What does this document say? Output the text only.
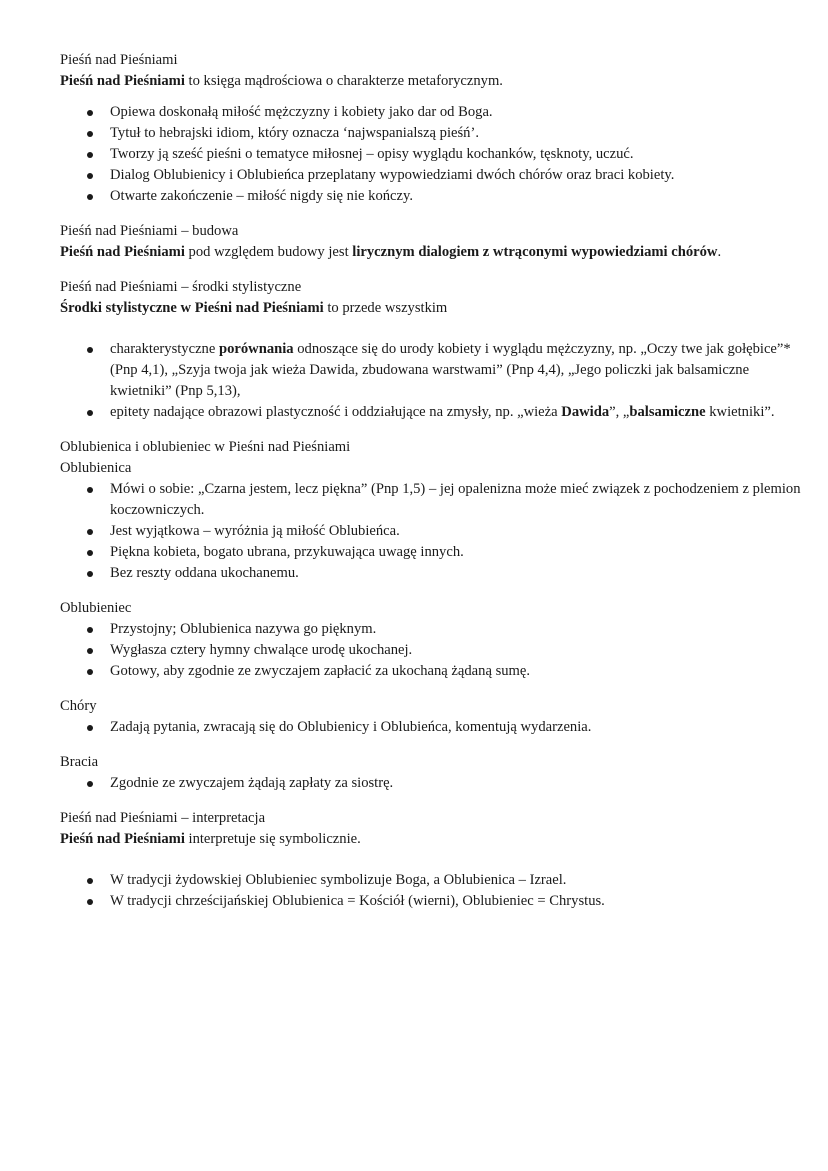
Pieśń nad Pieśniami

Pieśń nad Pieśniami to księga mądrościowa o charakterze metaforycznym.

Opiewa doskonałą miłość mężczyzny i kobiety jako dar od Boga.
Tytuł to hebrajski idiom, który oznacza ‘najwspanialszą pieśń’.
Tworzy ją sześć pieśni o tematyce miłosnej – opisy wyglądu kochanków, tęsknoty, uczuć.
Dialog Oblubienicy i Oblubieńca przeplatany wypowiedziami dwóch chórów oraz braci kobiety.
Otwarte zakończenie – miłość nigdy się nie kończy.

Pieśń nad Pieśniami – budowa

Pieśń nad Pieśniami pod względem budowy jest lirycznym dialogiem z wtrąconymi wypowiedziami chórów.

Pieśń nad Pieśniami – środki stylistyczne

Środki stylistyczne w Pieśni nad Pieśniami to przede wszystkim

charakterystyczne porównania odnoszące się do urody kobiety i wyglądu mężczyzny, np. „Oczy twe jak gołębice”* (Pnp 4,1), „Szyja twoja jak wieża Dawida, zbudowana warstwami” (Pnp 4,4), „Jego policzki jak balsamiczne kwietniki” (Pnp 5,13),
epitety nadające obrazowi plastyczność i oddziałujące na zmysły, np. „wieża Dawida”, „balsamiczne kwietniki”.

Oblubienica i oblubieniec w Pieśni nad Pieśniami

Oblubienica

Mówi o sobie: „Czarna jestem, lecz piękna” (Pnp 1,5) – jej opalenizna może mieć związek z pochodzeniem z plemion koczowniczych.
Jest wyjątkowa – wyróżnia ją miłość Oblubieńca.
Piękna kobieta, bogato ubrana, przykuwająca uwagę innych.
Bez reszty oddana ukochanemu.

Oblubieniec

Przystojny; Oblubienica nazywa go pięknym.
Wygłasza cztery hymny chwalące urodę ukochanej.
Gotowy, aby zgodnie ze zwyczajem zapłacić za ukochaną żądaną sumę.

Chóry

Zadają pytania, zwracają się do Oblubienicy i Oblubieńca, komentują wydarzenia.

Bracia

Zgodnie ze zwyczajem żądają zapłaty za siostrę.

Pieśń nad Pieśniami – interpretacja

Pieśń nad Pieśniami interpretuje się symbolicznie.

W tradycji żydowskiej Oblubieniec symbolizuje Boga, a Oblubienica – Izrael.
W tradycji chrześcijańskiej Oblubienica = Kościół (wierni), Oblubieniec = Chrystus.
